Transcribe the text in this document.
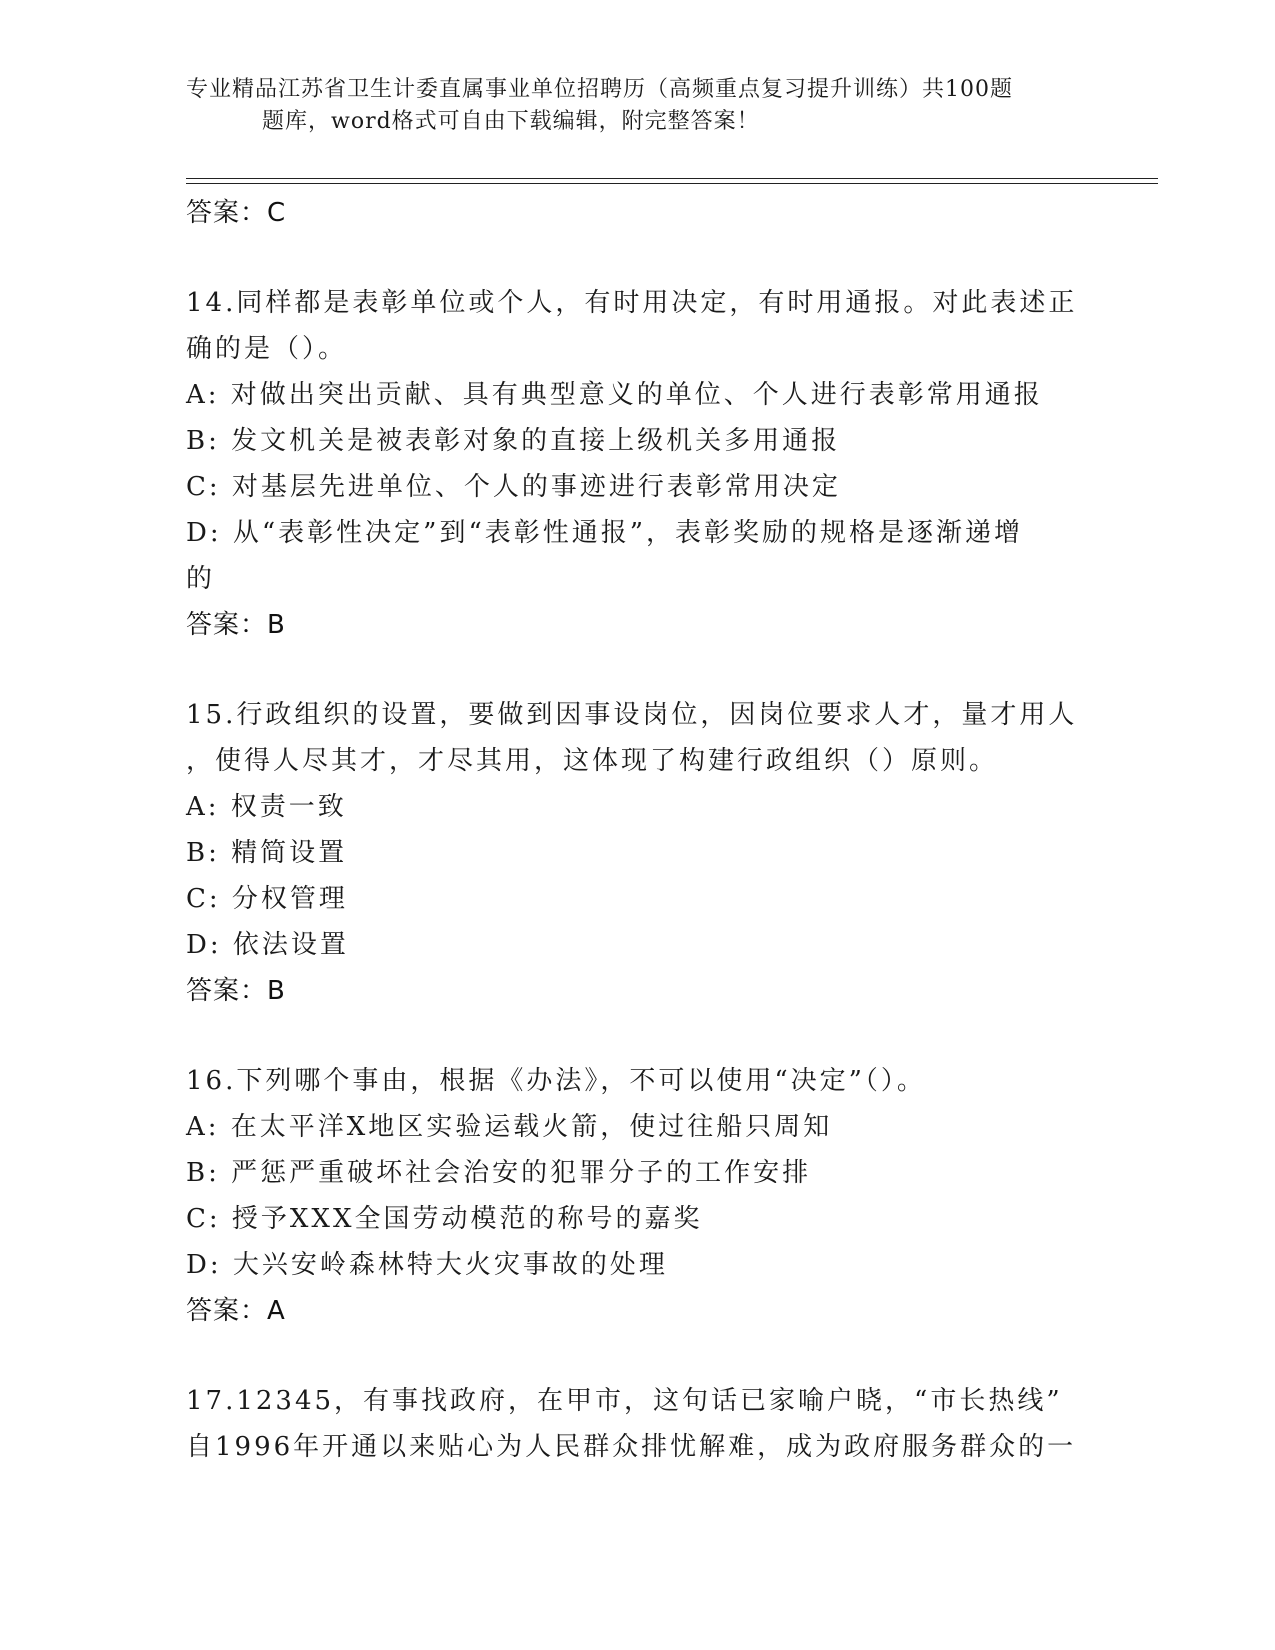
专业精品江苏省卫生计委直属事业单位招聘历（高频重点复习提升训练）共100题
题库，word格式可自由下载编辑，附完整答案！
答案：C
14.同样都是表彰单位或个人，有时用决定，有时用通报。对此表述正
确的是（）。
A: 对做出突出贡献、具有典型意义的单位、个人进行表彰常用通报
B: 发文机关是被表彰对象的直接上级机关多用通报
C: 对基层先进单位、个人的事迹进行表彰常用决定
D: 从“表彰性决定”到“表彰性通报”，表彰奖励的规格是逐渐递增
的
答案：B
15.行政组织的设置，要做到因事设岗位，因岗位要求人才，量才用人
，使得人尽其才，才尽其用，这体现了构建行政组织（）原则。
A: 权责一致
B: 精简设置
C: 分权管理
D: 依法设置
答案：B
16.下列哪个事由，根据《办法》，不可以使用“决定”（）。
A: 在太平洋X地区实验运载火箭，使过往船只周知
B: 严惩严重破坏社会治安的犯罪分子的工作安排
C: 授予XXX全国劳动模范的称号的嘉奖
D: 大兴安岭森林特大火灾事故的处理
答案：A
17.12345，有事找政府，在甲市，这句话已家喻户晓，“市长热线”
自1996年开通以来贴心为人民群众排忧解难，成为政府服务群众的一
